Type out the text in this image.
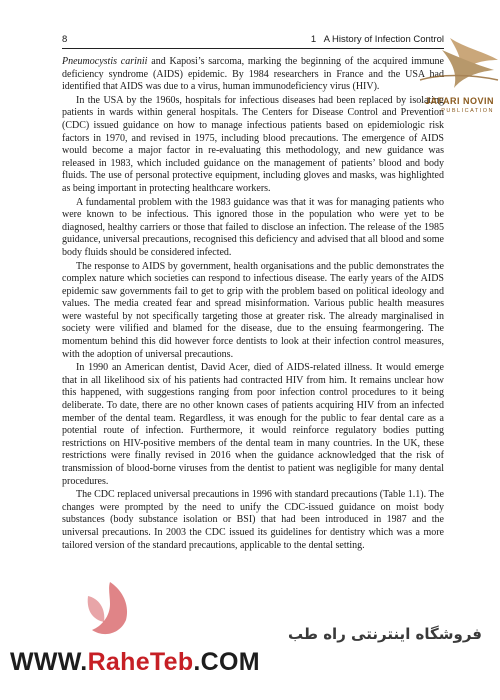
8	1   A History of Infection Control

Pneumocystis carinii and Kaposi’s sarcoma, marking the beginning of the acquired immune deficiency syndrome (AIDS) epidemic. By 1984 researchers in France and the USA had identified that AIDS was due to a virus, human immunodeficiency virus (HIV).

In the USA by the 1960s, hospitals for infectious diseases had been replaced by isolating patients in wards within general hospitals. The Centers for Disease Control and Prevention (CDC) issued guidance on how to manage infectious patients based on epidemiologic risk factors in 1970, and revised in 1975, including blood precautions. The emergence of AIDS would become a major factor in re-evaluating this methodology, and new guidance was released in 1983, which included guidance on the management of patients’ blood and body fluids. The use of personal protective equipment, including gloves and masks, was highlighted as being important in protecting healthcare workers.

A fundamental problem with the 1983 guidance was that it was for managing patients who were known to be infectious. This ignored those in the population who were yet to be diagnosed, healthy carriers or those that failed to disclose an infection. The release of the 1985 guidance, universal precautions, recognised this deficiency and advised that all blood and some body fluids should be considered infected.

The response to AIDS by government, health organisations and the public demonstrates the complex nature which societies can respond to infectious disease. The early years of the AIDS epidemic saw governments fail to get to grip with the problem based on political ideology and values. The media created fear and spread misinformation. Various public health measures were wasteful by not specifically targeting those at greater risk. The already marginalised in society were vilified and blamed for the disease, due to the ensuing fearmongering. The momentum behind this did however force dentists to look at their infection control measures, with the adoption of universal precautions.

In 1990 an American dentist, David Acer, died of AIDS-related illness. It would emerge that in all likelihood six of his patients had contracted HIV from him. It remains unclear how this happened, with suggestions ranging from poor infection control procedures to it being deliberate. To date, there are no other known cases of patients acquiring HIV from an infected member of the dental team. Regardless, it was enough for the public to fear dental care as a potential route of infection. Furthermore, it would reinforce regulatory bodies putting restrictions on HIV-positive members of the dental team in many countries. In the UK, these restrictions were finally revised in 2016 when the guidance acknowledged that the risk of transmission of blood-borne viruses from the dentist to patient was negligible for many dental procedures.

The CDC replaced universal precautions in 1996 with standard precautions (Table 1.1). The changes were prompted by the need to unify the CDC-issued guidance on moist body substances (body substance isolation or BSI) that had been introduced in 1987 and the universal precautions. In 2003 the CDC issued its guidelines for dentistry which was a more tailored version of the standard precautions, applicable to the dental setting.

JAFARI NOVIN
PUBLICATION
فروشگاه اینترنتی راه طب
WWW.RaheTeb.COM
